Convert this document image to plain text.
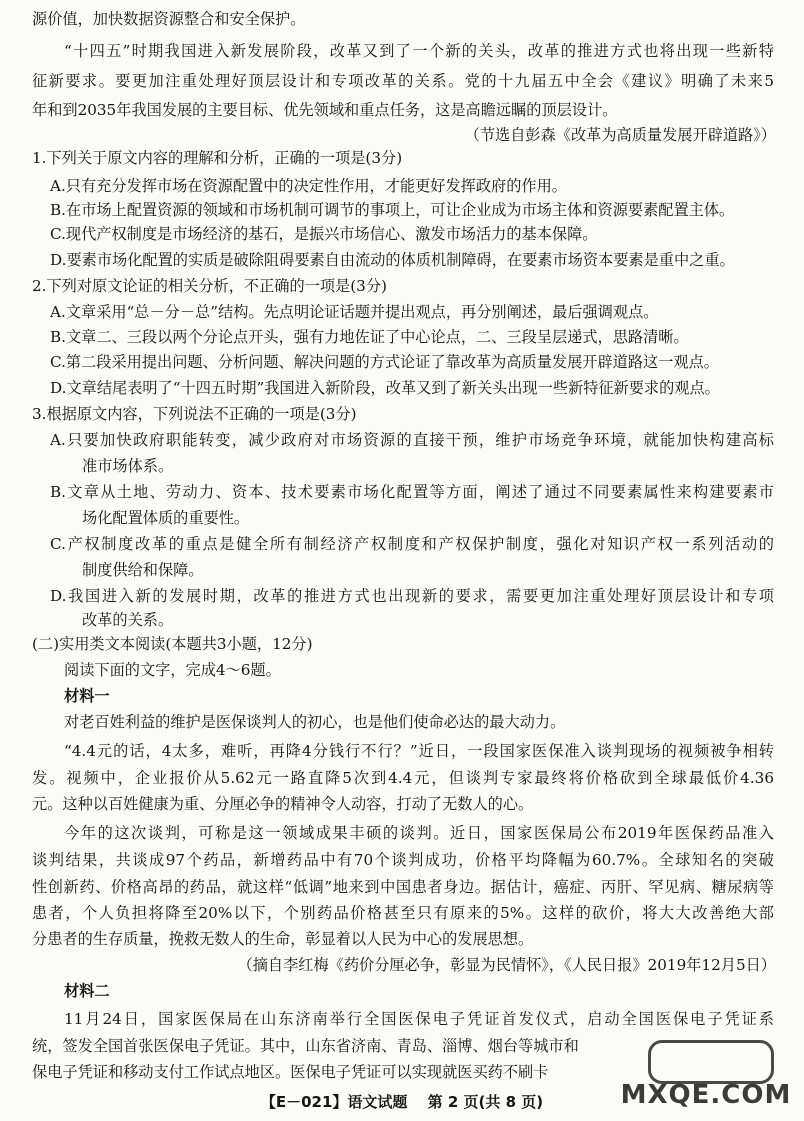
源价值，加快数据资源整合和安全保护。
“十四五”时期我国进入新发展阶段，改革又到了一个新的关头，改革的推进方式也将出现一些新特
征新要求。要更加注重处理好顶层设计和专项改革的关系。党的十九届五中全会《建议》明确了未来5
年和到2035年我国发展的主要目标、优先领域和重点任务，这是高瞻远瞩的顶层设计。
（节选自彭森《改革为高质量发展开辟道路》）
1.下列关于原文内容的理解和分析，正确的一项是(3分)
A.只有充分发挥市场在资源配置中的决定性作用，才能更好发挥政府的作用。
B.在市场上配置资源的领域和市场机制可调节的事项上，可让企业成为市场主体和资源要素配置主体。
C.现代产权制度是市场经济的基石，是振兴市场信心、激发市场活力的基本保障。
D.要素市场化配置的实质是破除阻碍要素自由流动的体质机制障碍，在要素市场资本要素是重中之重。
2.下列对原文论证的相关分析，不正确的一项是(3分)
A.文章采用“总－分－总”结构。先点明论证话题并提出观点，再分别阐述，最后强调观点。
B.文章二、三段以两个分论点开头，强有力地佐证了中心论点，二、三段呈层递式，思路清晰。
C.第二段采用提出问题、分析问题、解决问题的方式论证了靠改革为高质量发展开辟道路这一观点。
D.文章结尾表明了“十四五时期”我国进入新阶段，改革又到了新关头出现一些新特征新要求的观点。
3.根据原文内容，下列说法不正确的一项是(3分)
A.只要加快政府职能转变，减少政府对市场资源的直接干预，维护市场竞争环境，就能加快构建高标
准市场体系。
B.文章从土地、劳动力、资本、技术要素市场化配置等方面，阐述了通过不同要素属性来构建要素市
场化配置体质的重要性。
C.产权制度改革的重点是健全所有制经济产权制度和产权保护制度，强化对知识产权一系列活动的
制度供给和保障。
D.我国进入新的发展时期，改革的推进方式也出现新的要求，需要更加注重处理好顶层设计和专项
改革的关系。
(二)实用类文本阅读(本题共3小题，12分)
阅读下面的文字，完成4～6题。
材料一
对老百姓利益的维护是医保谈判人的初心，也是他们使命必达的最大动力。
“4.4元的话，4太多，难听，再降4分钱行不行？”近日，一段国家医保准入谈判现场的视频被争相转
发。视频中，企业报价从5.62元一路直降5次到4.4元，但谈判专家最终将价格砍到全球最低价4.36
元。这种以百姓健康为重、分厘必争的精神令人动容，打动了无数人的心。
今年的这次谈判，可称是这一领域成果丰硕的谈判。近日，国家医保局公布2019年医保药品准入
谈判结果，共谈成97个药品，新增药品中有70个谈判成功，价格平均降幅为60.7%。全球知名的突破
性创新药、价格高昂的药品，就这样“低调”地来到中国患者身边。据估计，癌症、丙肝、罕见病、糖尿病等
患者，个人负担将降至20%以下，个别药品价格甚至只有原来的5%。这样的砍价，将大大改善绝大部
分患者的生存质量，挽救无数人的生命，彰显着以人民为中心的发展思想。
（摘自李红梅《药价分厘必争，彰显为民情怀》，《人民日报》2019年12月5日）
材料二
11月24日，国家医保局在山东济南举行全国医保电子凭证首发仪式，启动全国医保电子凭证系
统，签发全国首张医保电子凭证。其中，山东省济南、青岛、淄博、烟台等城市和
保电子凭证和移动支付工作试点地区。医保电子凭证可以实现就医买药不刷卡
【E－021】语文试题　 第 2 页(共 8 页)	MXQE.COM
